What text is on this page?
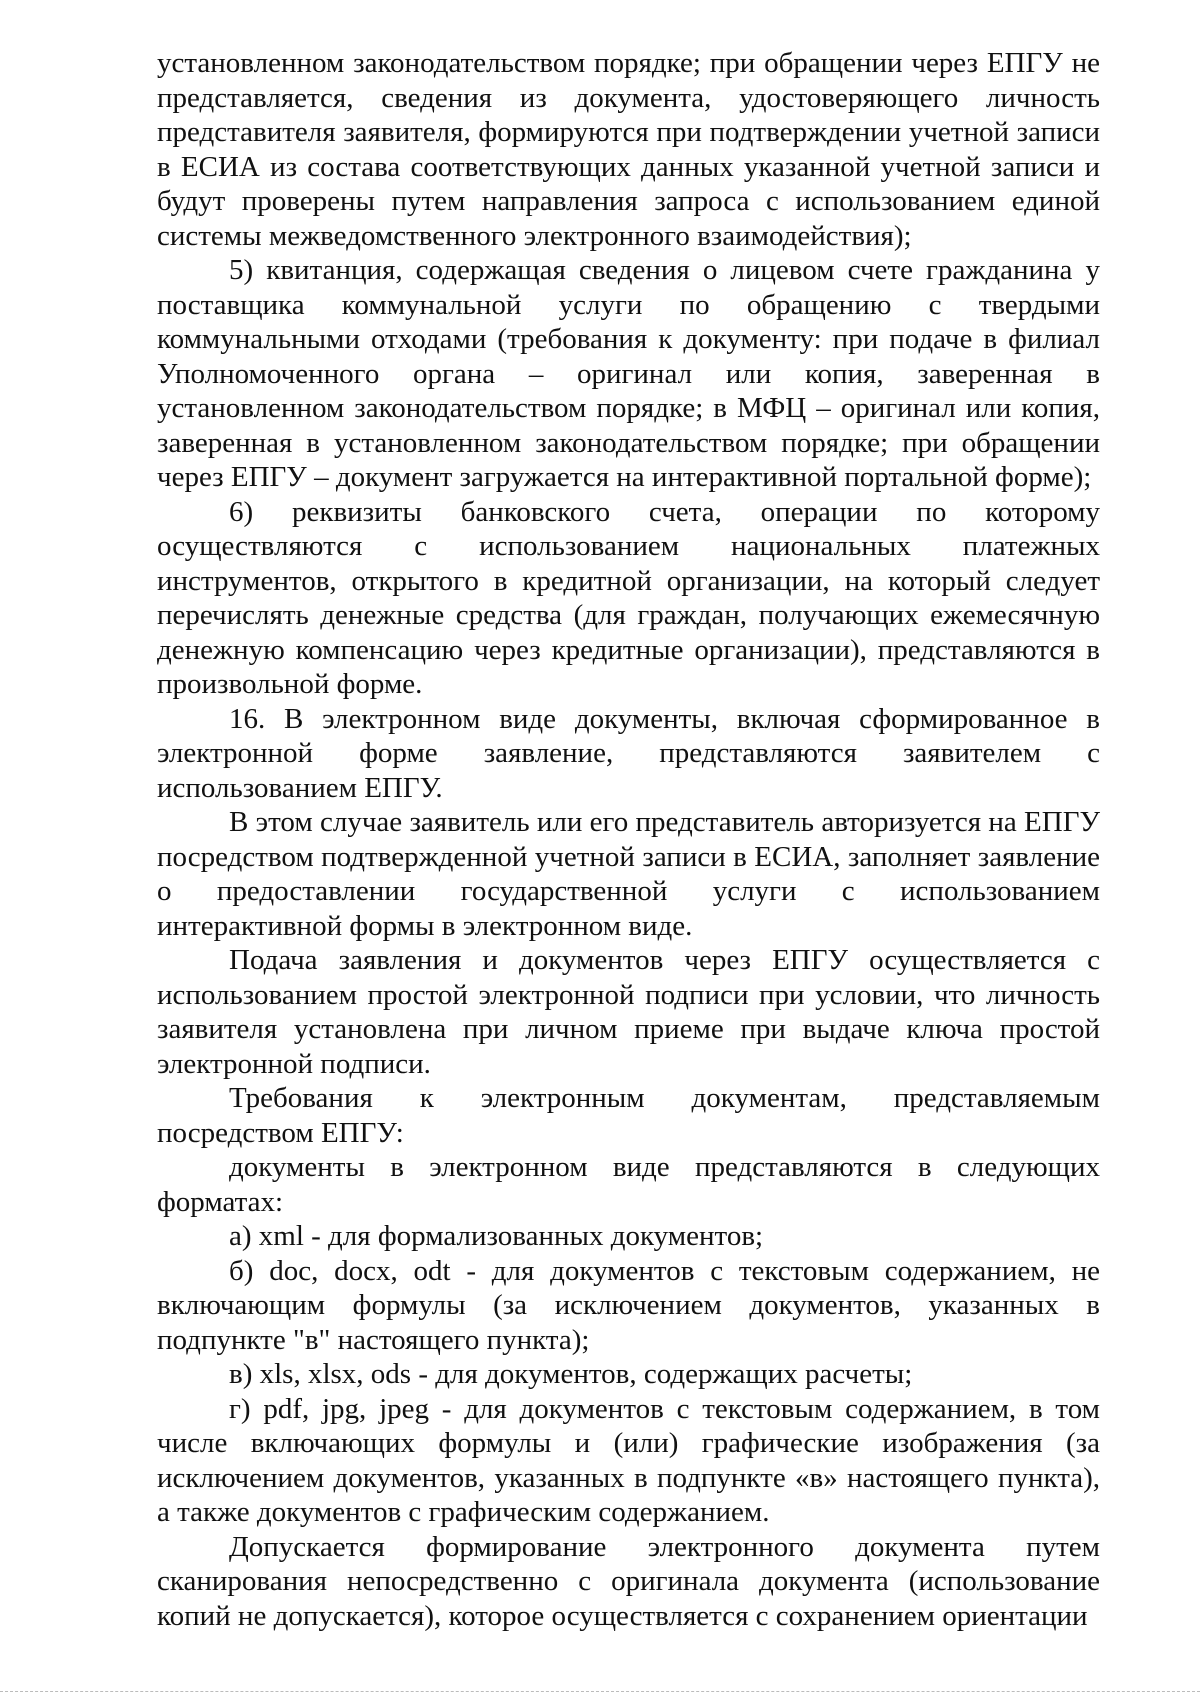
установленном законодательством порядке; при обращении через ЕПГУ не представляется, сведения из документа, удостоверяющего личность представителя заявителя, формируются при подтверждении учетной записи в ЕСИА из состава соответствующих данных указанной учетной записи и будут проверены путем направления запроса с использованием единой системы межведомственного электронного взаимодействия);

5) квитанция, содержащая сведения о лицевом счете гражданина у поставщика коммунальной услуги по обращению с твердыми коммунальными отходами (требования к документу: при подаче в филиал Уполномоченного органа – оригинал или копия, заверенная в установленном законодательством порядке; в МФЦ – оригинал или копия, заверенная в установленном законодательством порядке; при обращении через ЕПГУ – документ загружается на интерактивной портальной форме);

6) реквизиты банковского счета, операции по которому осуществляются с использованием национальных платежных инструментов, открытого в кредитной организации, на который следует перечислять денежные средства (для граждан, получающих ежемесячную денежную компенсацию через кредитные организации), представляются в произвольной форме.

16. В электронном виде документы, включая сформированное в электронной форме заявление, представляются заявителем с использованием ЕПГУ.

В этом случае заявитель или его представитель авторизуется на ЕПГУ посредством подтвержденной учетной записи в ЕСИА, заполняет заявление о предоставлении государственной услуги с использованием интерактивной формы в электронном виде.

Подача заявления и документов через ЕПГУ осуществляется с использованием простой электронной подписи при условии, что личность заявителя установлена при личном приеме при выдаче ключа простой электронной подписи.

Требования к электронным документам, представляемым посредством ЕПГУ:

документы в электронном виде представляются в следующих форматах:

а) xml - для формализованных документов;

б) doc, docx, odt - для документов с текстовым содержанием, не включающим формулы (за исключением документов, указанных в подпункте "в" настоящего пункта);

в) xls, xlsx, ods - для документов, содержащих расчеты;

г) pdf, jpg, jpeg - для документов с текстовым содержанием, в том числе включающих формулы и (или) графические изображения (за исключением документов, указанных в подпункте «в» настоящего пункта), а также документов с графическим содержанием.

Допускается формирование электронного документа путем сканирования непосредственно с оригинала документа (использование копий не допускается), которое осуществляется с сохранением ориентации
